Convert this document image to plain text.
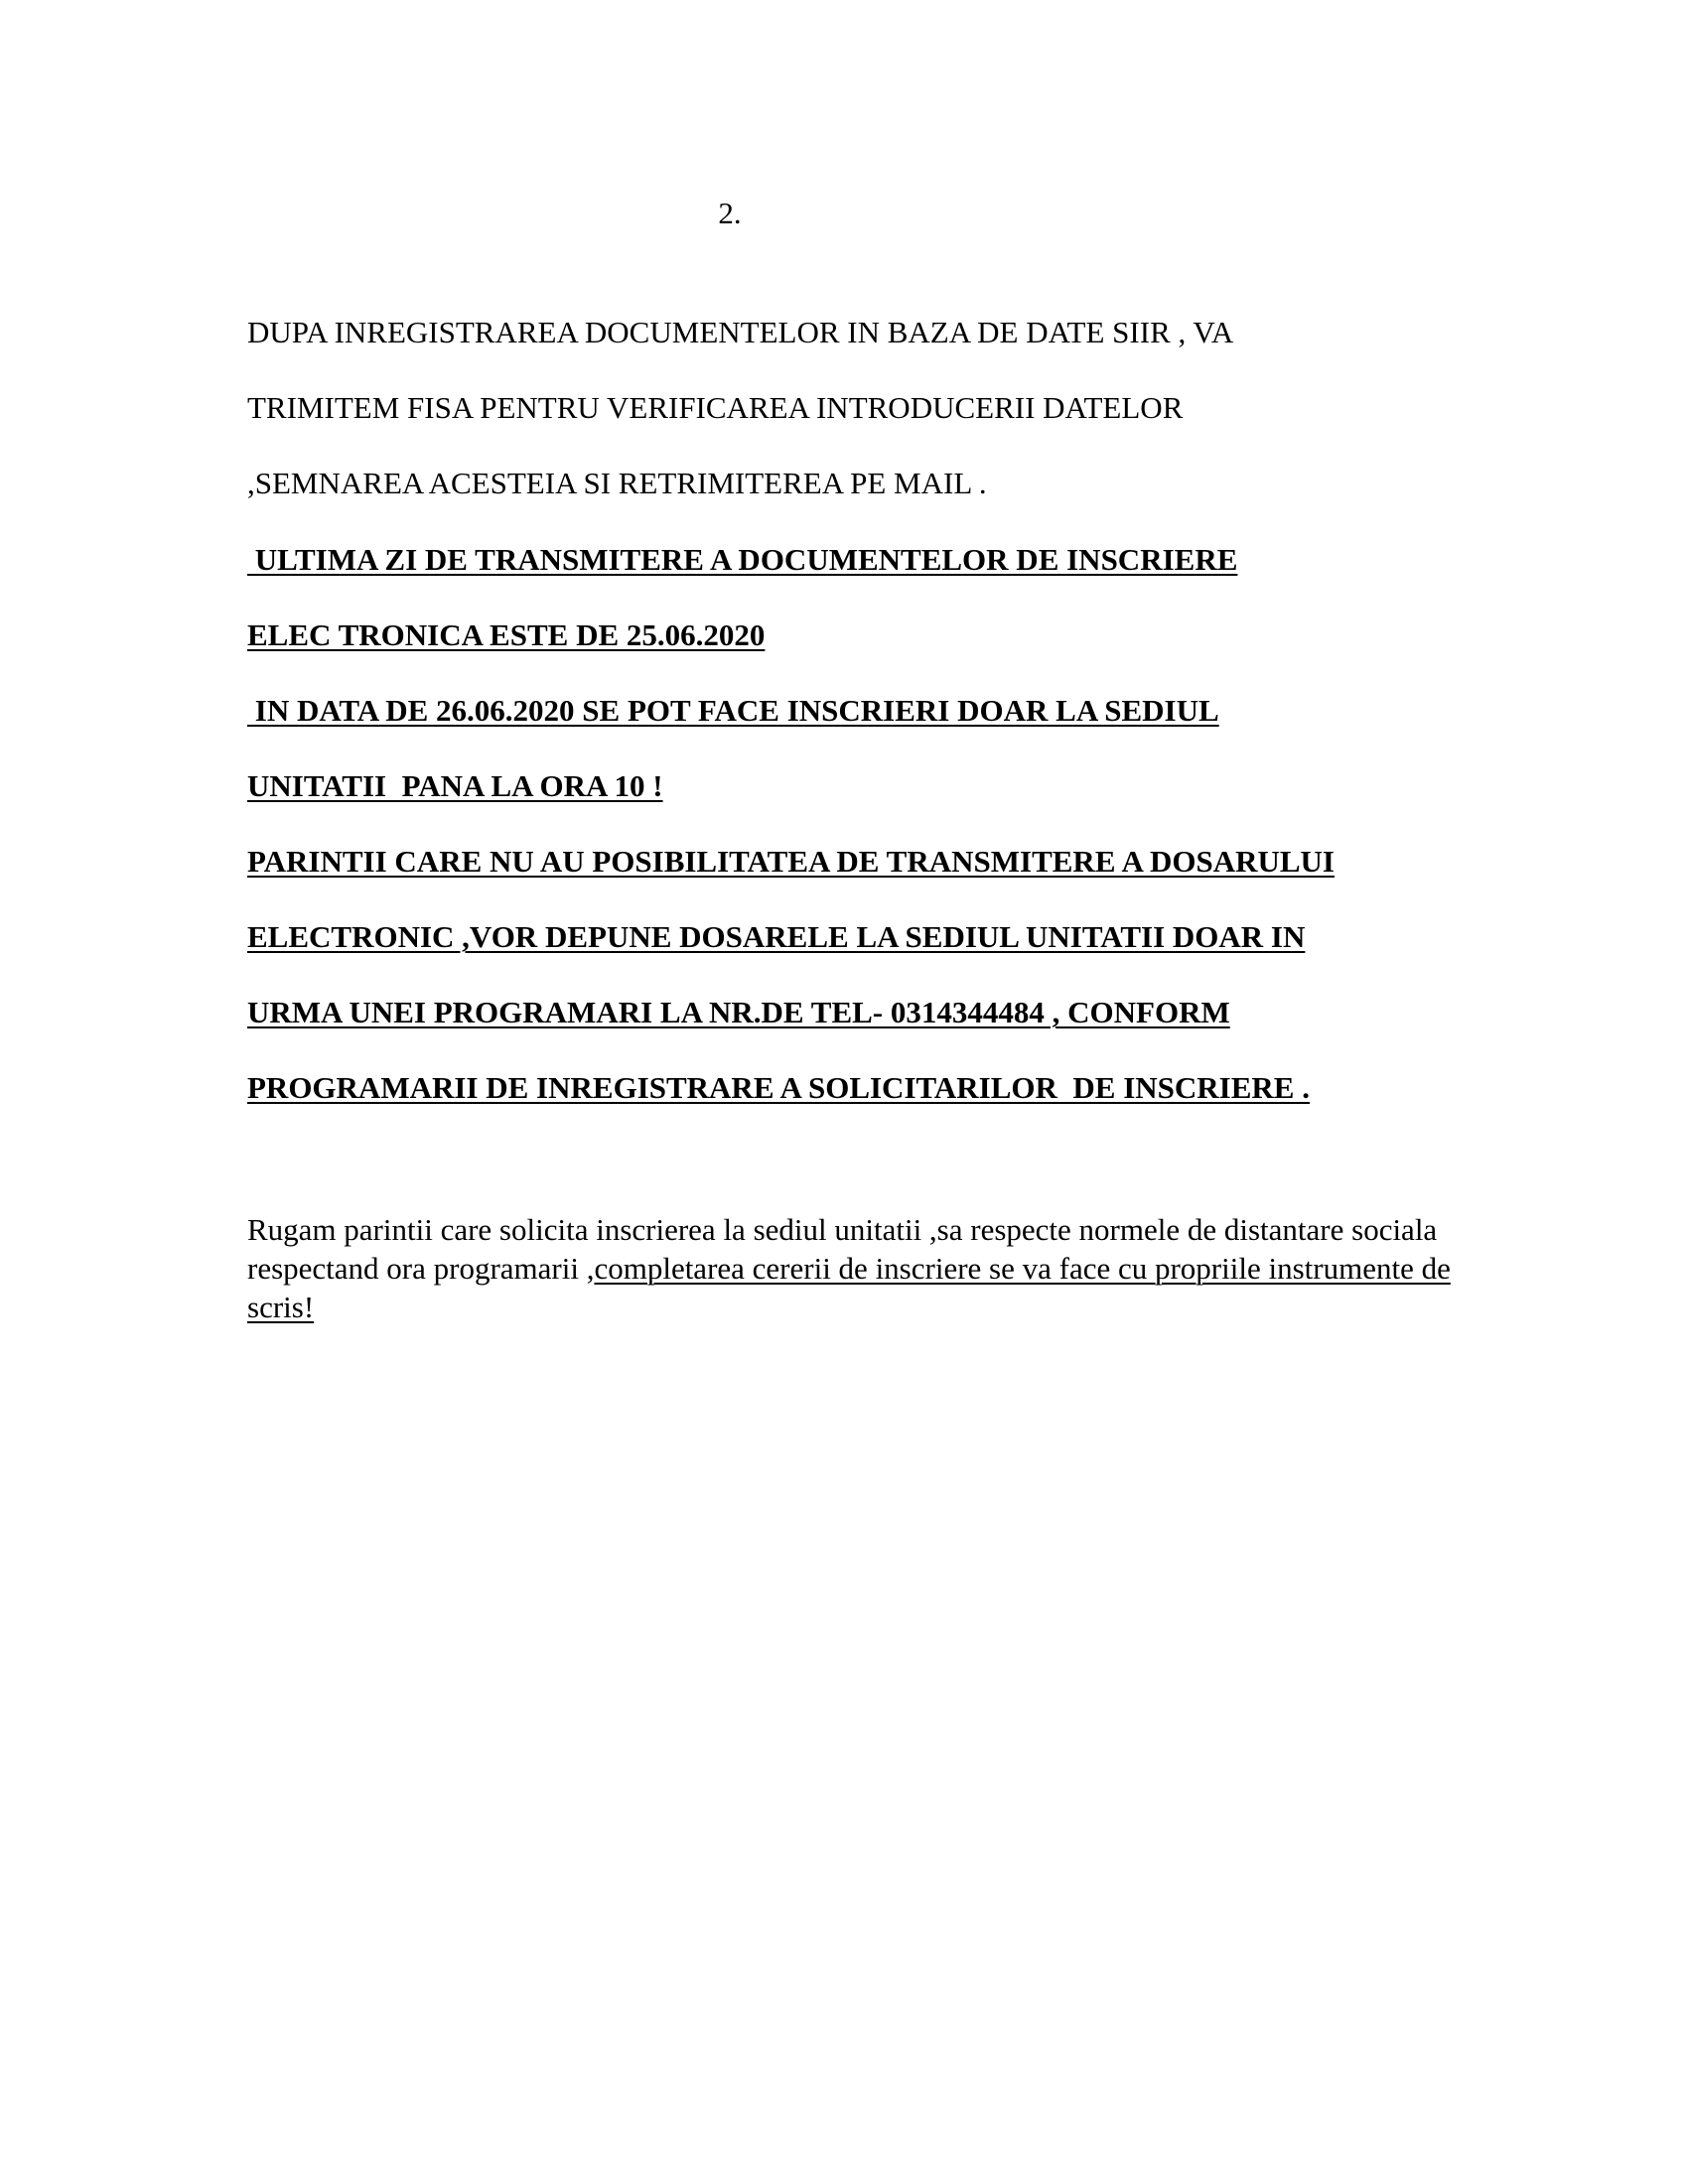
2.
DUPA INREGISTRAREA DOCUMENTELOR IN BAZA DE DATE SIIR , VA
TRIMITEM FISA PENTRU VERIFICAREA INTRODUCERII DATELOR
,SEMNAREA ACESTEIA SI RETRIMITEREA PE MAIL .
ULTIMA ZI DE TRANSMITERE A DOCUMENTELOR DE INSCRIERE
ELEC TRONICA ESTE DE 25.06.2020
IN DATA DE 26.06.2020 SE POT FACE INSCRIERI DOAR LA SEDIUL
UNITATII  PANA LA ORA 10 !
PARINTII CARE NU AU POSIBILITATEA DE TRANSMITERE A DOSARULUI
ELECTRONIC ,VOR DEPUNE DOSARELE LA SEDIUL UNITATII DOAR IN
URMA UNEI PROGRAMARI LA NR.DE TEL- 0314344484 , CONFORM
PROGRAMARII DE INREGISTRARE A SOLICITARILOR  DE INSCRIERE .

Rugam parintii care solicita inscrierea la sediul unitatii ,sa respecte normele de distantare sociala respectand ora programarii ,completarea cererii de inscriere se va face cu propriile instrumente de scris!
